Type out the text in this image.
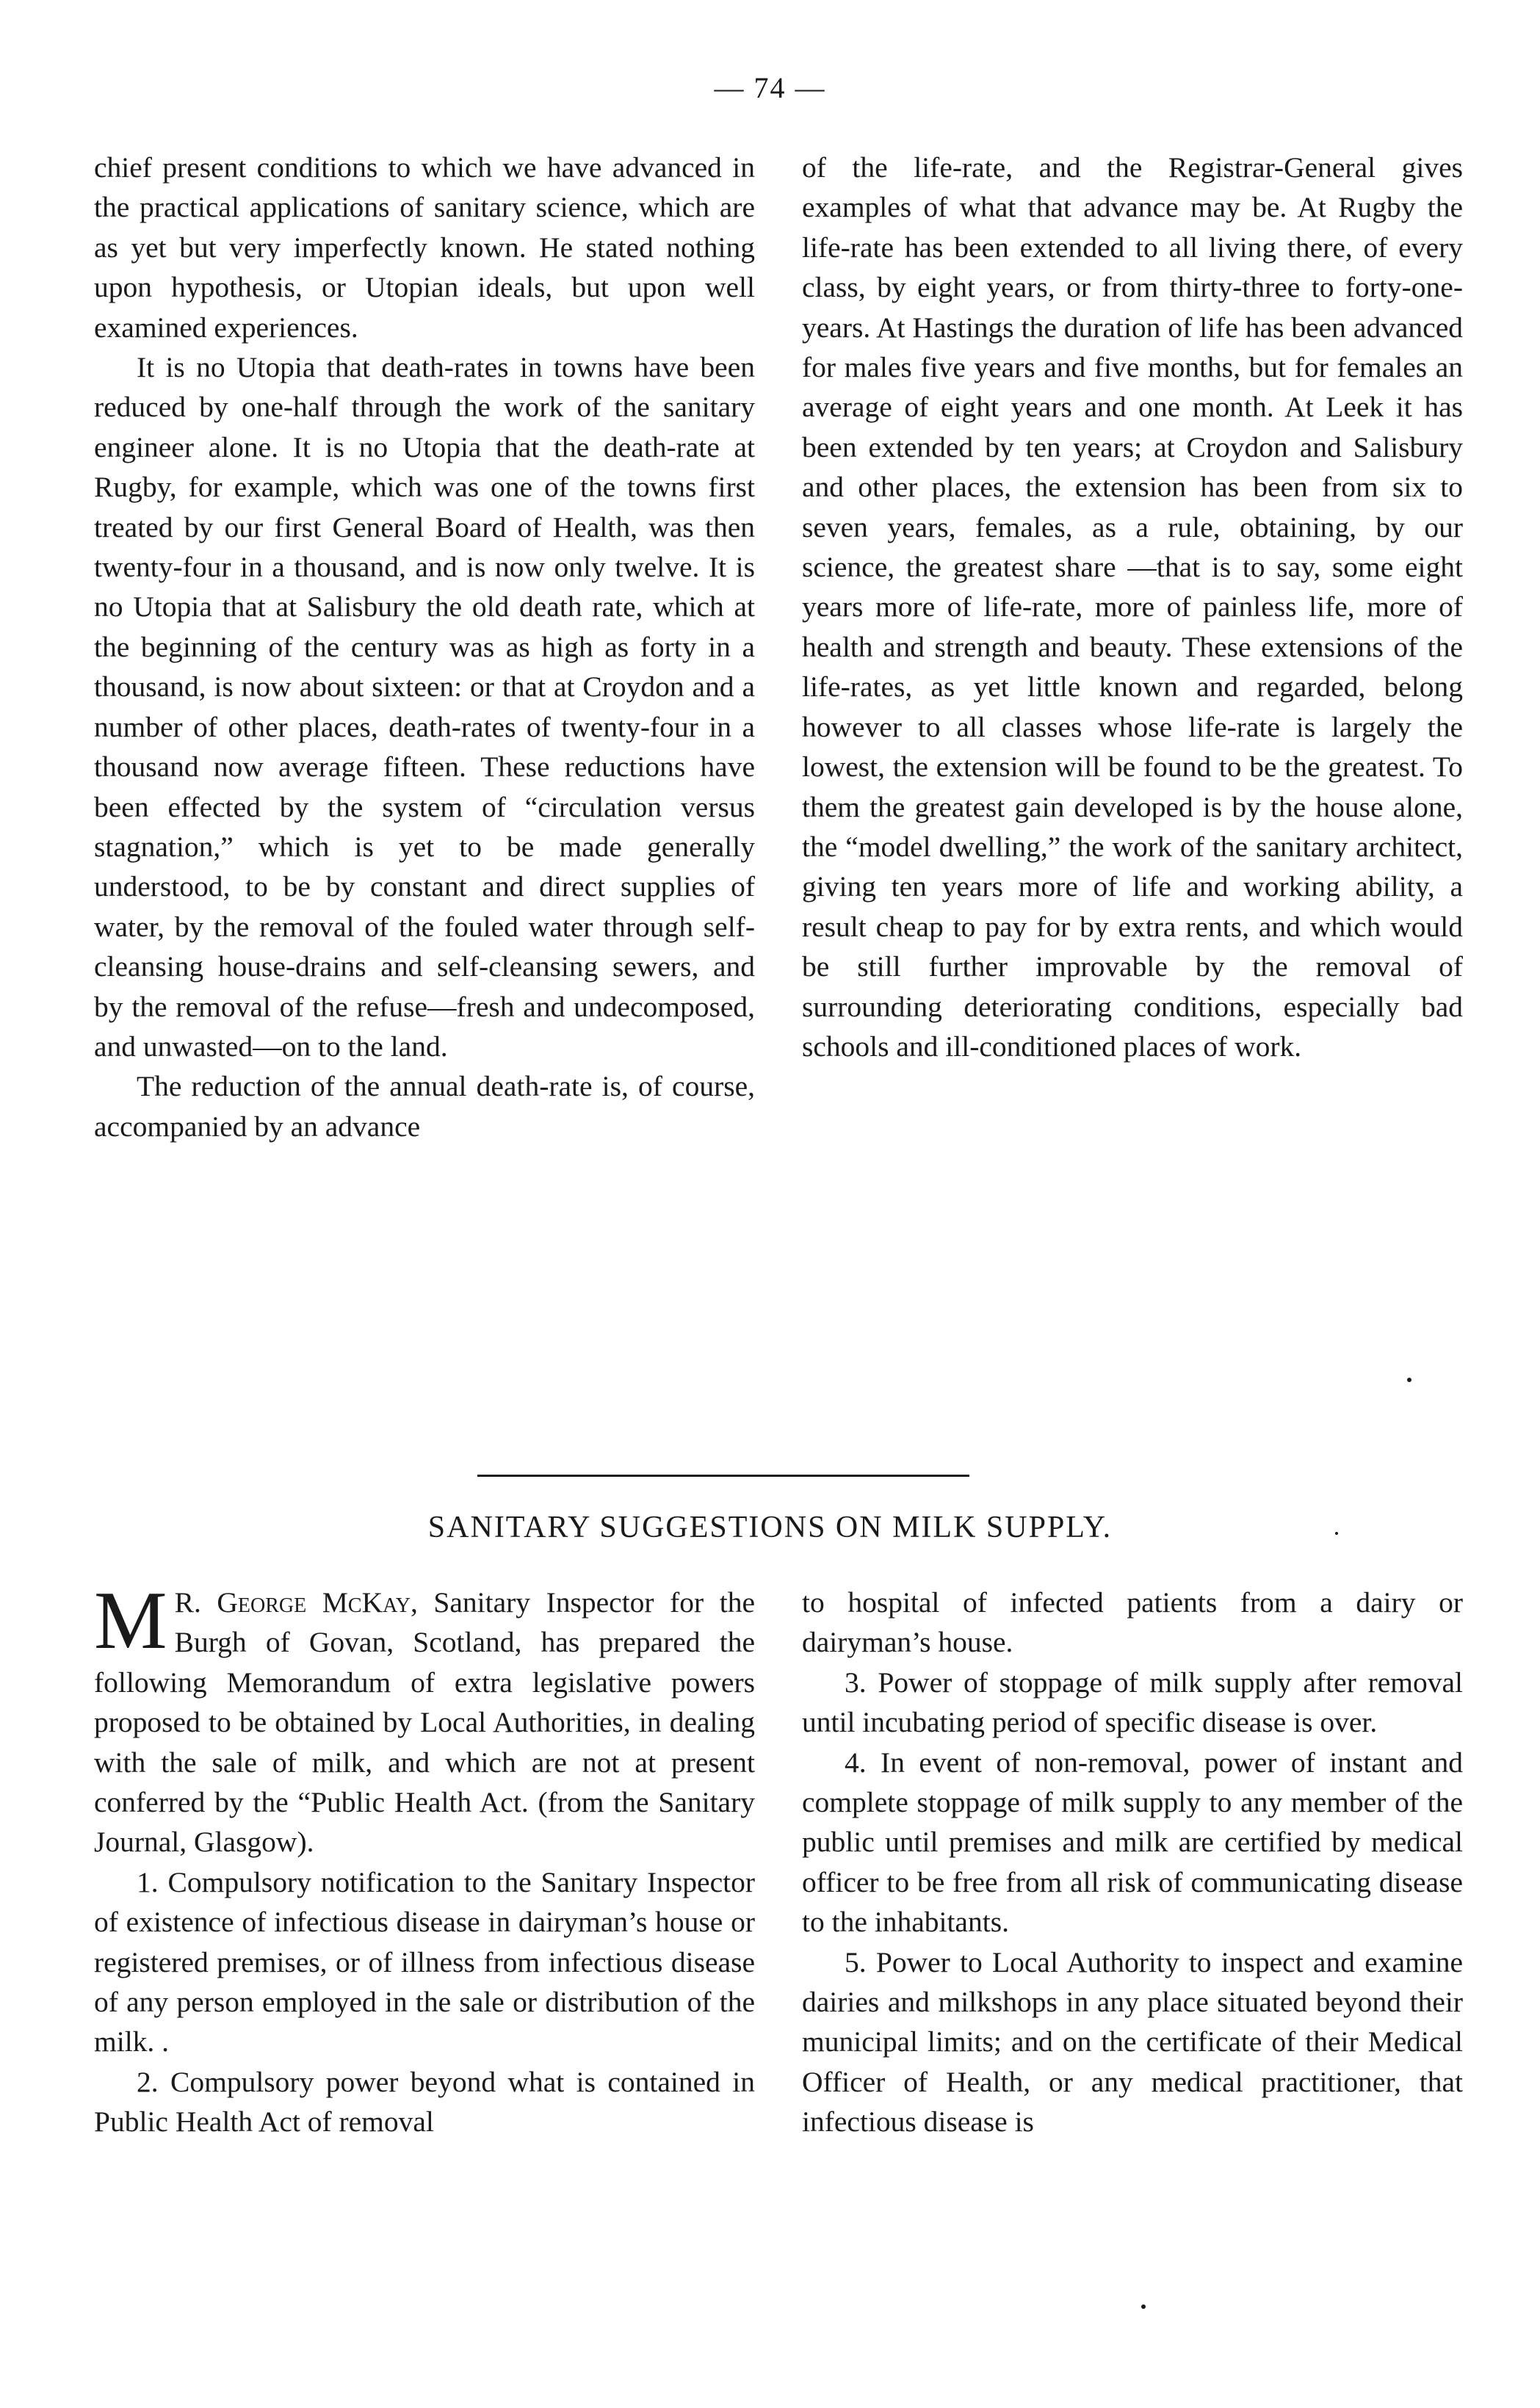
— 74 —

chief present conditions to which we have advanced in the practical applications of sanitary science, which are as yet but very imperfectly known. He stated nothing upon hypothesis, or Utopian ideals, but upon well examined experiences.

It is no Utopia that death-rates in towns have been reduced by one-half through the work of the sanitary engineer alone. It is no Utopia that the death-rate at Rugby, for example, which was one of the towns first treated by our first General Board of Health, was then twenty-four in a thousand, and is now only twelve. It is no Utopia that at Salisbury the old death rate, which at the beginning of the century was as high as forty in a thousand, is now about sixteen: or that at Croydon and a number of other places, death-rates of twenty-four in a thousand now average fifteen. These reductions have been effected by the system of “circulation versus stagnation,” which is yet to be made generally understood, to be by constant and direct supplies of water, by the removal of the fouled water through self-cleansing house-drains and self-cleansing sewers, and by the removal of the refuse—fresh and undecomposed, and unwasted—on to the land.

The reduction of the annual death-rate is, of course, accompanied by an advance

of the life-rate, and the Registrar-General gives examples of what that advance may be. At Rugby the life-rate has been extended to all living there, of every class, by eight years, or from thirty-three to forty-one-years. At Hastings the duration of life has been advanced for males five years and five months, but for females an average of eight years and one month. At Leek it has been extended by ten years; at Croydon and Salisbury and other places, the extension has been from six to seven years, females, as a rule, obtaining, by our science, the greatest share —that is to say, some eight years more of life-rate, more of painless life, more of health and strength and beauty. These extensions of the life-rates, as yet little known and regarded, belong however to all classes whose life-rate is largely the lowest, the extension will be found to be the greatest. To them the greatest gain developed is by the house alone, the “model dwelling,” the work of the sanitary architect, giving ten years more of life and working ability, a result cheap to pay for by extra rents, and which would be still further improvable by the removal of surrounding deteriorating conditions, especially bad schools and ill-conditioned places of work.

SANITARY SUGGESTIONS ON MILK SUPPLY.

M R. George McKay, Sanitary Inspector for the Burgh of Govan, Scotland, has prepared the following Memorandum of extra legislative powers proposed to be obtained by Local Authorities, in dealing with the sale of milk, and which are not at present conferred by the “Public Health Act. (from the Sanitary Journal, Glasgow).

1. Compulsory notification to the Sanitary Inspector of existence of infectious disease in dairyman’s house or registered premises, or of illness from infectious disease of any person employed in the sale or distribution of the milk. .

2. Compulsory power beyond what is contained in Public Health Act of removal

to hospital of infected patients from a dairy or dairyman’s house.

3. Power of stoppage of milk supply after removal until incubating period of specific disease is over.

4. In event of non-removal, power of instant and complete stoppage of milk supply to any member of the public until premises and milk are certified by medical officer to be free from all risk of communicating disease to the inhabitants.

5. Power to Local Authority to inspect and examine dairies and milkshops in any place situated beyond their municipal limits; and on the certificate of their Medical Officer of Health, or any medical practitioner, that infectious disease is
